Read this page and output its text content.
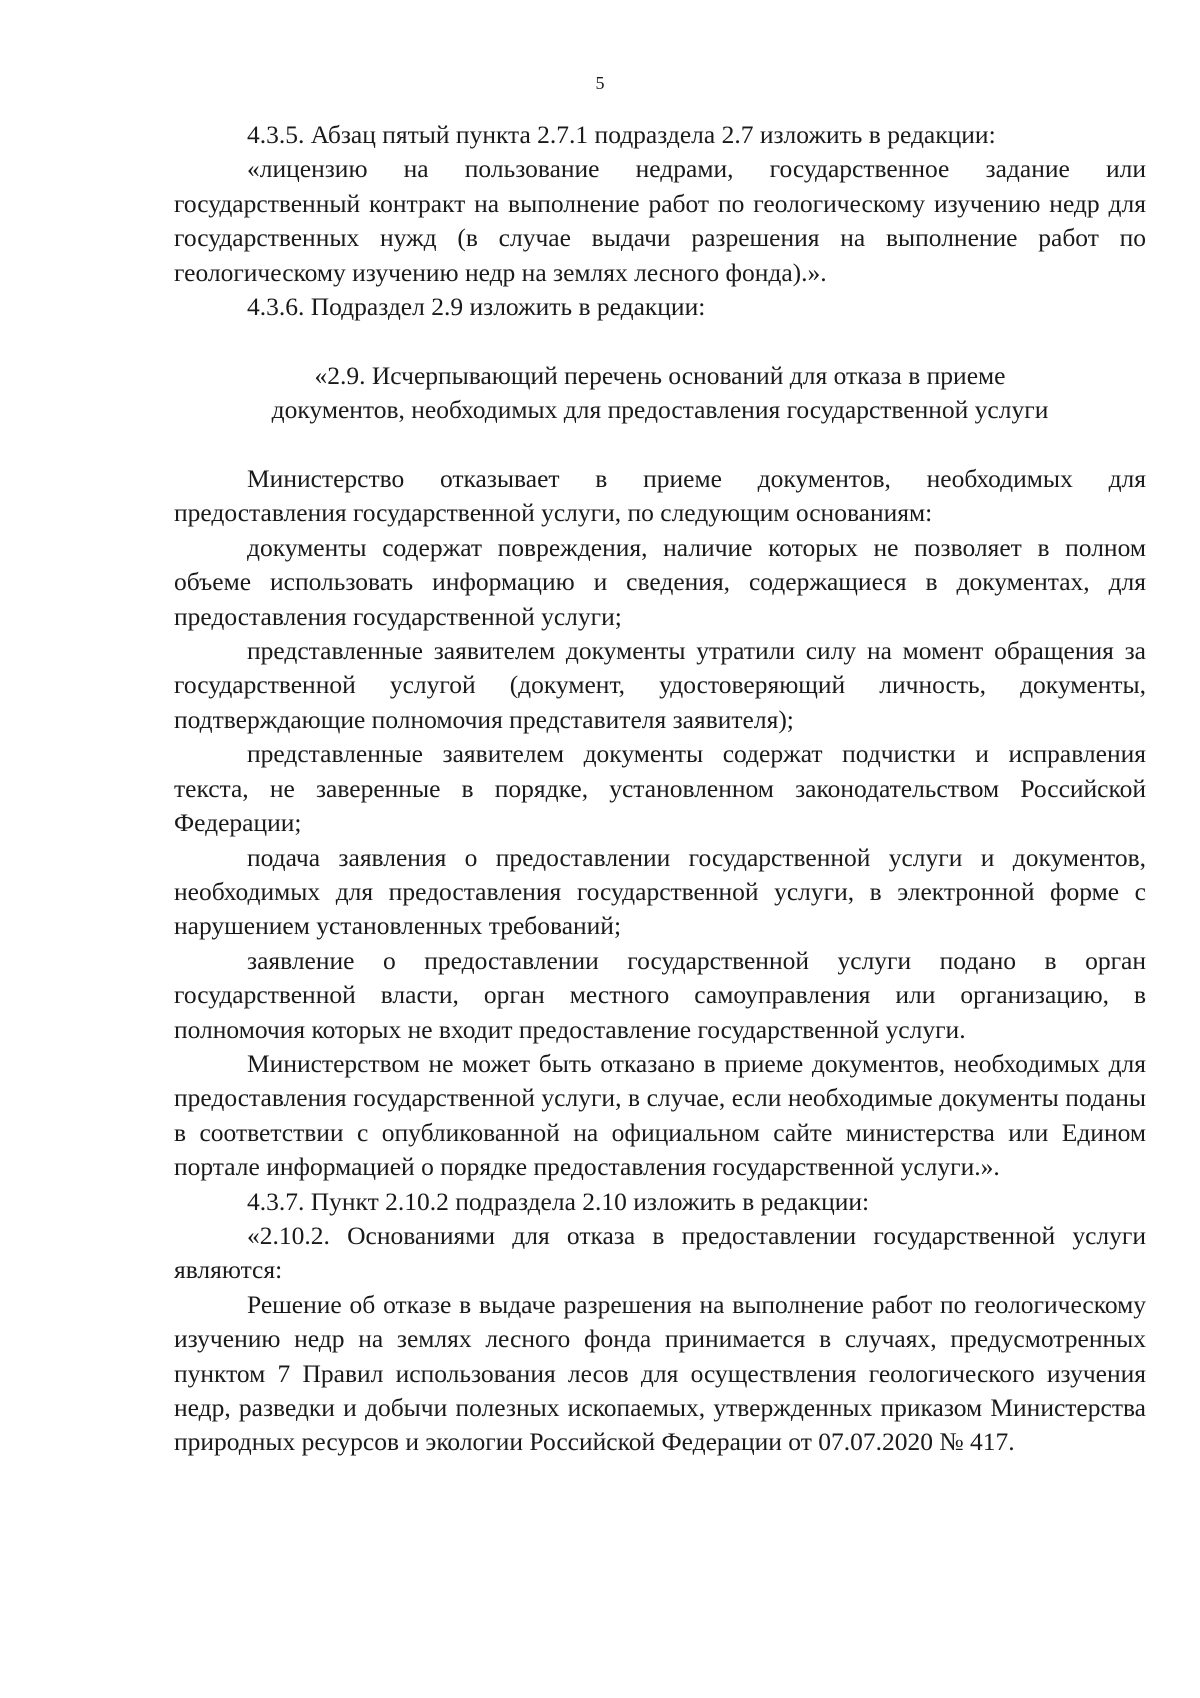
5

4.3.5. Абзац пятый пункта 2.7.1 подраздела 2.7 изложить в редакции:

«лицензию на пользование недрами, государственное задание или государственный контракт на выполнение работ по геологическому изучению недр для государственных нужд (в случае выдачи разрешения на выполнение работ по геологическому изучению недр на землях лесного фонда).».

4.3.6. Подраздел 2.9 изложить в редакции:

«2.9. Исчерпывающий перечень оснований для отказа в приеме

документов, необходимых для предоставления государственной услуги

Министерство отказывает в приеме документов, необходимых для предоставления государственной услуги, по следующим основаниям:

документы содержат повреждения, наличие которых не позволяет в полном объеме использовать информацию и сведения, содержащиеся в документах, для предоставления государственной услуги;

представленные заявителем документы утратили силу на момент обращения за государственной услугой (документ, удостоверяющий личность, документы, подтверждающие полномочия представителя заявителя);

представленные заявителем документы содержат подчистки и исправления текста, не заверенные в порядке, установленном законодательством Российской Федерации;

подача заявления о предоставлении государственной услуги и документов, необходимых для предоставления государственной услуги, в электронной форме с нарушением установленных требований;

заявление о предоставлении государственной услуги подано в орган государственной власти, орган местного самоуправления или организацию, в полномочия которых не входит предоставление государственной услуги.

Министерством не может быть отказано в приеме документов, необходимых для предоставления государственной услуги, в случае, если необходимые документы поданы в соответствии с опубликованной на официальном сайте министерства или Едином портале информацией о порядке предоставления государственной услуги.».

4.3.7. Пункт 2.10.2 подраздела 2.10 изложить в редакции:

«2.10.2. Основаниями для отказа в предоставлении государственной услуги являются:

Решение об отказе в выдаче разрешения на выполнение работ по геологическому изучению недр на землях лесного фонда принимается в случаях, предусмотренных пунктом 7 Правил использования лесов для осуществления геологического изучения недр, разведки и добычи полезных ископаемых, утвержденных приказом Министерства природных ресурсов и экологии Российской Федерации от 07.07.2020 № 417.
